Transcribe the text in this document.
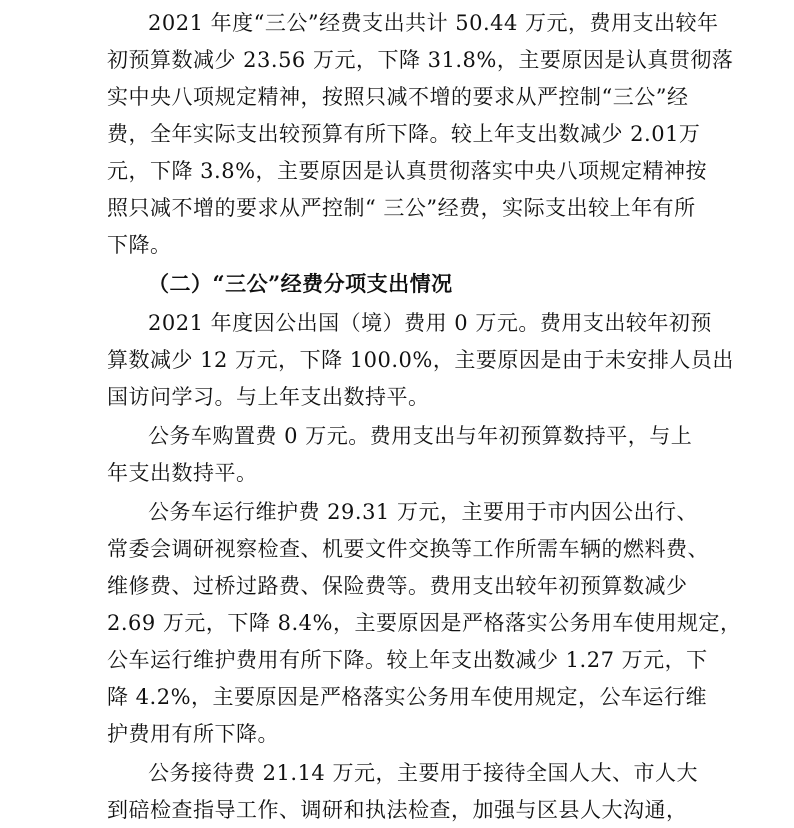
2021 年度“三公”经费支出共计 50.44 万元，费用支出较年
初预算数减少 23.56 万元，下降 31.8%，主要原因是认真贯彻落
实中央八项规定精神，按照只减不增的要求从严控制“三公”经
费，全年实际支出较预算有所下降。较上年支出数减少 2.01万
元，下降 3.8%，主要原因是认真贯彻落实中央八项规定精神按
照只减不增的要求从严控制“ 三公”经费，实际支出较上年有所
下降。
（二）“三公”经费分项支出情况
2021 年度因公出国（境）费用 0 万元。费用支出较年初预
算数减少 12 万元，下降 100.0%，主要原因是由于未安排人员出
国访问学习。与上年支出数持平。
公务车购置费 0 万元。费用支出与年初预算数持平，与上
年支出数持平。
公务车运行维护费 29.31 万元，主要用于市内因公出行、
常委会调研视察检查、机要文件交换等工作所需车辆的燃料费、
维修费、过桥过路费、保险费等。费用支出较年初预算数减少
2.69 万元，下降 8.4%，主要原因是严格落实公务用车使用规定，
公车运行维护费用有所下降。较上年支出数减少 1.27 万元，下
降 4.2%，主要原因是严格落实公务用车使用规定，公车运行维
护费用有所下降。
公务接待费 21.14 万元，主要用于接待全国人大、市人大
到碚检查指导工作、调研和执法检查，加强与区县人大沟通，
